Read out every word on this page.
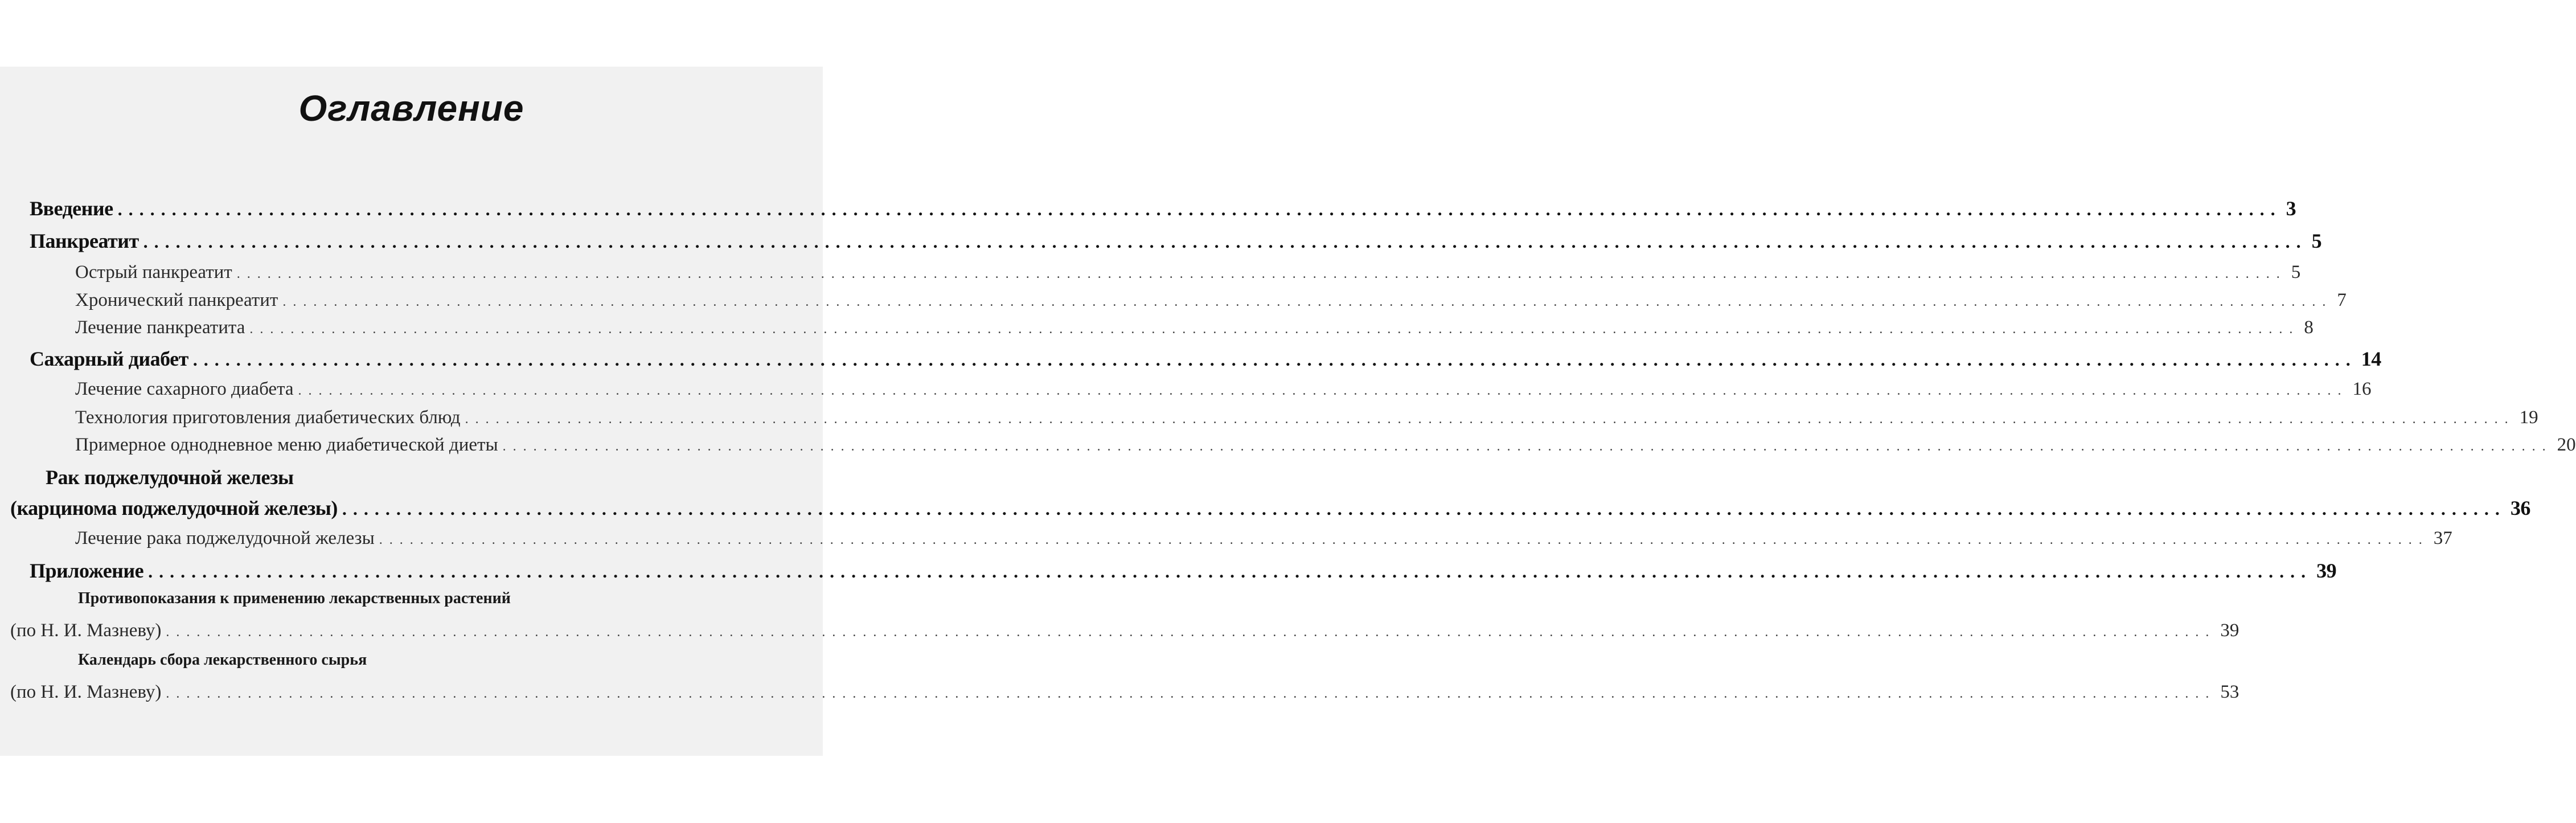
Оглавление
Введение ........................................................................................................................................................................................................ 3
Панкреатит ........................................................................................................................................................................................................ 5
Острый панкреатит ........................................................................................................................................................................................................ 5
Хронический панкреатит ........................................................................................................................................................................................................ 7
Лечение панкреатита ........................................................................................................................................................................................................ 8
Сахарный диабет ........................................................................................................................................................................................................ 14
Лечение сахарного диабета ........................................................................................................................................................................................................ 16
Технология приготовления диабетических блюд ........................................................................................................................................................................................................ 19
Примерное однодневное меню диабетической диеты ........................................................................................................................................................................................................ 20
Рак поджелудочной железы
(карцинома поджелудочной железы) ........................................................................................................................................................................................................ 36
Лечение рака поджелудочной железы ........................................................................................................................................................................................................ 37
Приложение ........................................................................................................................................................................................................ 39
Противопоказания к применению лекарственных растений
(по Н. И. Мазневу) ........................................................................................................................................................................................................ 39
Календарь сбора лекарственного сырья
(по Н. И. Мазневу) ........................................................................................................................................................................................................ 53
